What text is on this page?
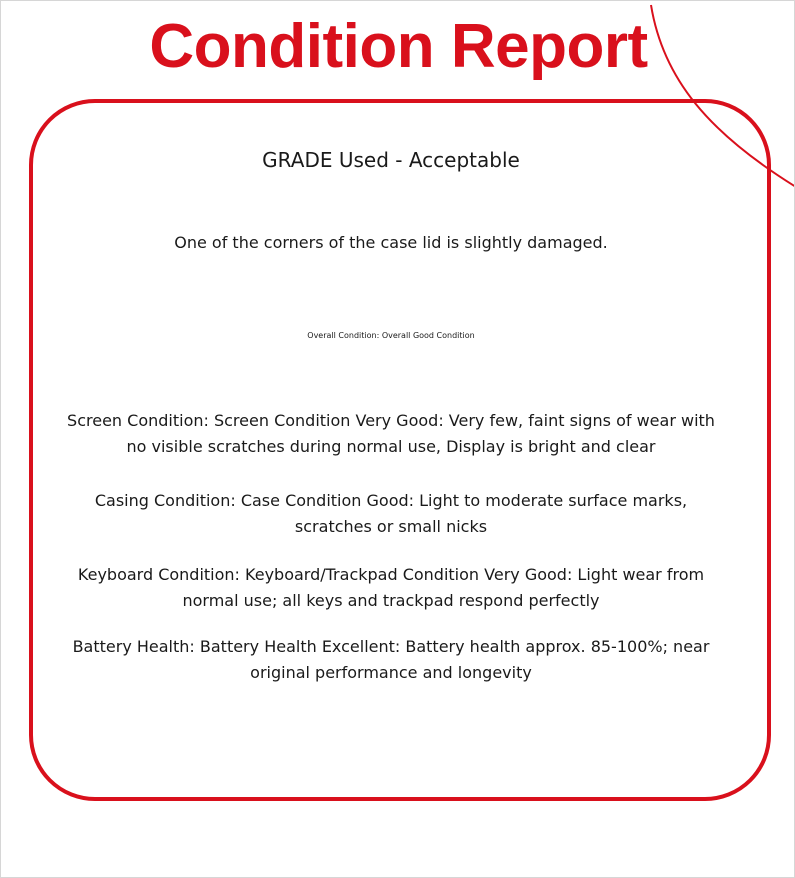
Condition Report
GRADE Used - Acceptable
One of the corners of the case lid is slightly damaged.
Overall Condition: Overall Good Condition
Screen Condition: Screen Condition Very Good: Very few, faint signs of wear with no visible scratches during normal use, Display is bright and clear
Casing Condition: Case Condition Good: Light to moderate surface marks, scratches or small nicks
Keyboard Condition: Keyboard/Trackpad Condition Very Good: Light wear from normal use; all keys and trackpad respond perfectly
Battery Health: Battery Health Excellent: Battery health approx. 85-100%; near original performance and longevity
